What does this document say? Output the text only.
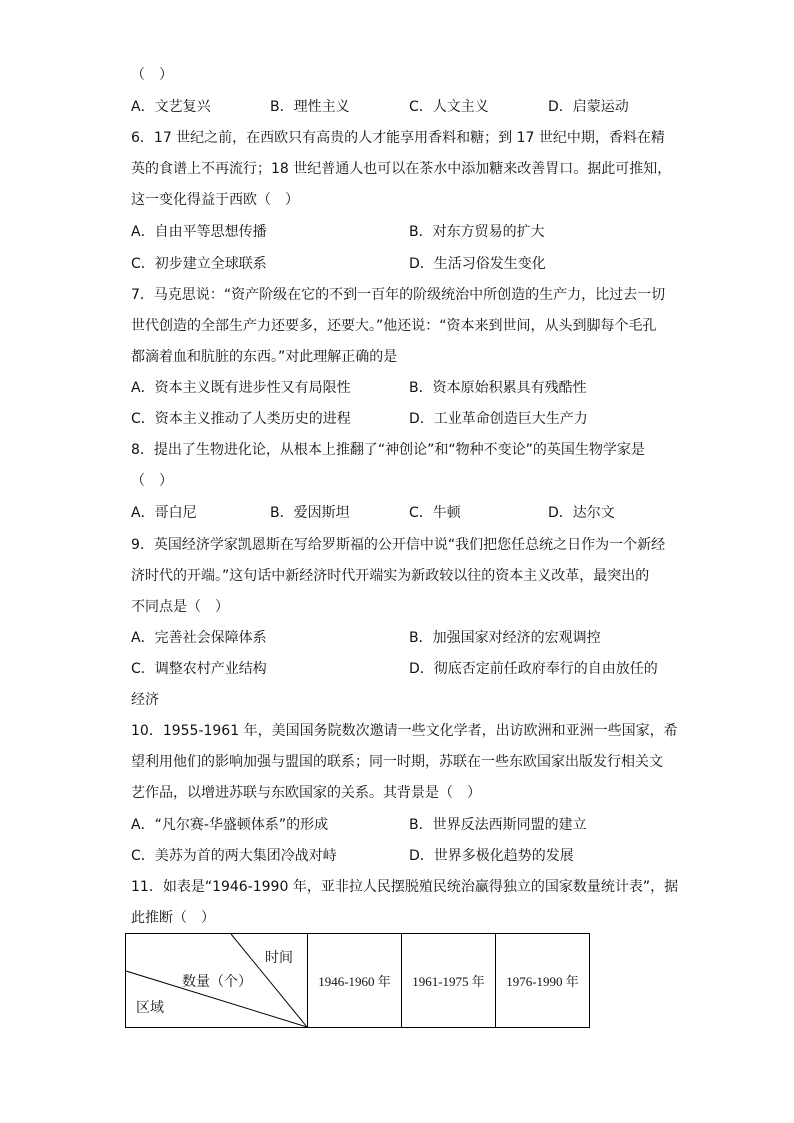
（　）
A．文艺复兴	B．理性主义	C．人文主义	D．启蒙运动
6．17 世纪之前，在西欧只有高贵的人才能享用香料和糖；到 17 世纪中期，香料在精
英的食谱上不再流行；18 世纪普通人也可以在茶水中添加糖来改善胃口。据此可推知，
这一变化得益于西欧（　）
A．自由平等思想传播	B．对东方贸易的扩大
C．初步建立全球联系	D．生活习俗发生变化
7．马克思说：“资产阶级在它的不到一百年的阶级统治中所创造的生产力，比过去一切
世代创造的全部生产力还要多，还要大。”他还说：“资本来到世间，从头到脚每个毛孔
都滴着血和肮脏的东西。”对此理解正确的是
A．资本主义既有进步性又有局限性	B．资本原始积累具有残酷性
C．资本主义推动了人类历史的进程	D．工业革命创造巨大生产力
8．提出了生物进化论，从根本上推翻了“神创论”和“物种不变论”的英国生物学家是
（　）
A．哥白尼	B．爱因斯坦	C．牛顿	D．达尔文
9．英国经济学家凯恩斯在写给罗斯福的公开信中说“我们把您任总统之日作为一个新经
济时代的开端。”这句话中新经济时代开端实为新政较以往的资本主义改革，最突出的
不同点是（　）
A．完善社会保障体系	B．加强国家对经济的宏观调控
C．调整农村产业结构	D．彻底否定前任政府奉行的自由放任的
经济
10．1955-1961 年，美国国务院数次邀请一些文化学者，出访欧洲和亚洲一些国家，希
望利用他们的影响加强与盟国的联系；同一时期，苏联在一些东欧国家出版发行相关文
艺作品，以增进苏联与东欧国家的关系。其背景是（　）
A．“凡尔赛-华盛顿体系”的形成	B．世界反法西斯同盟的建立
C．美苏为首的两大集团冷战对峙	D．世界多极化趋势的发展
11．如表是“1946-1990 年，亚非拉人民摆脱殖民统治赢得独立的国家数量统计表”，据
此推断（　）
时间
数量（个）
区域
	1946-1960 年	1961-1975 年	1976-1990 年
